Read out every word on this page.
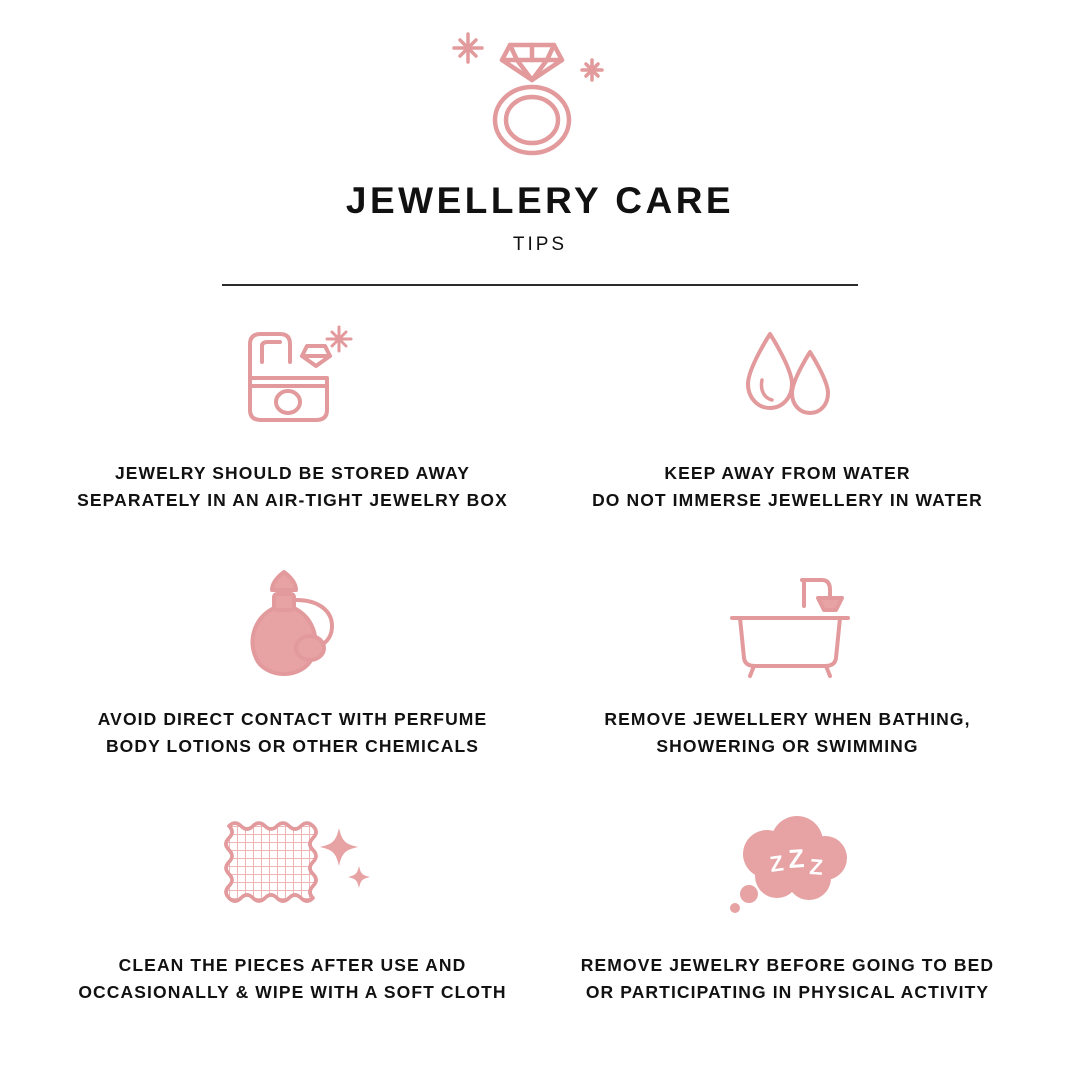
JEWELLERY CARE
TIPS
JEWELRY SHOULD BE STORED AWAY
SEPARATELY IN AN AIR-TIGHT JEWELRY BOX
KEEP AWAY FROM WATER
DO NOT IMMERSE JEWELLERY IN WATER
AVOID DIRECT CONTACT WITH PERFUME
BODY LOTIONS OR OTHER CHEMICALS
REMOVE JEWELLERY WHEN BATHING,
SHOWERING OR SWIMMING
CLEAN THE PIECES AFTER USE AND
OCCASIONALLY & WIPE WITH A SOFT CLOTH
Z Z Z
REMOVE JEWELRY BEFORE GOING TO BED
OR PARTICIPATING IN PHYSICAL ACTIVITY
